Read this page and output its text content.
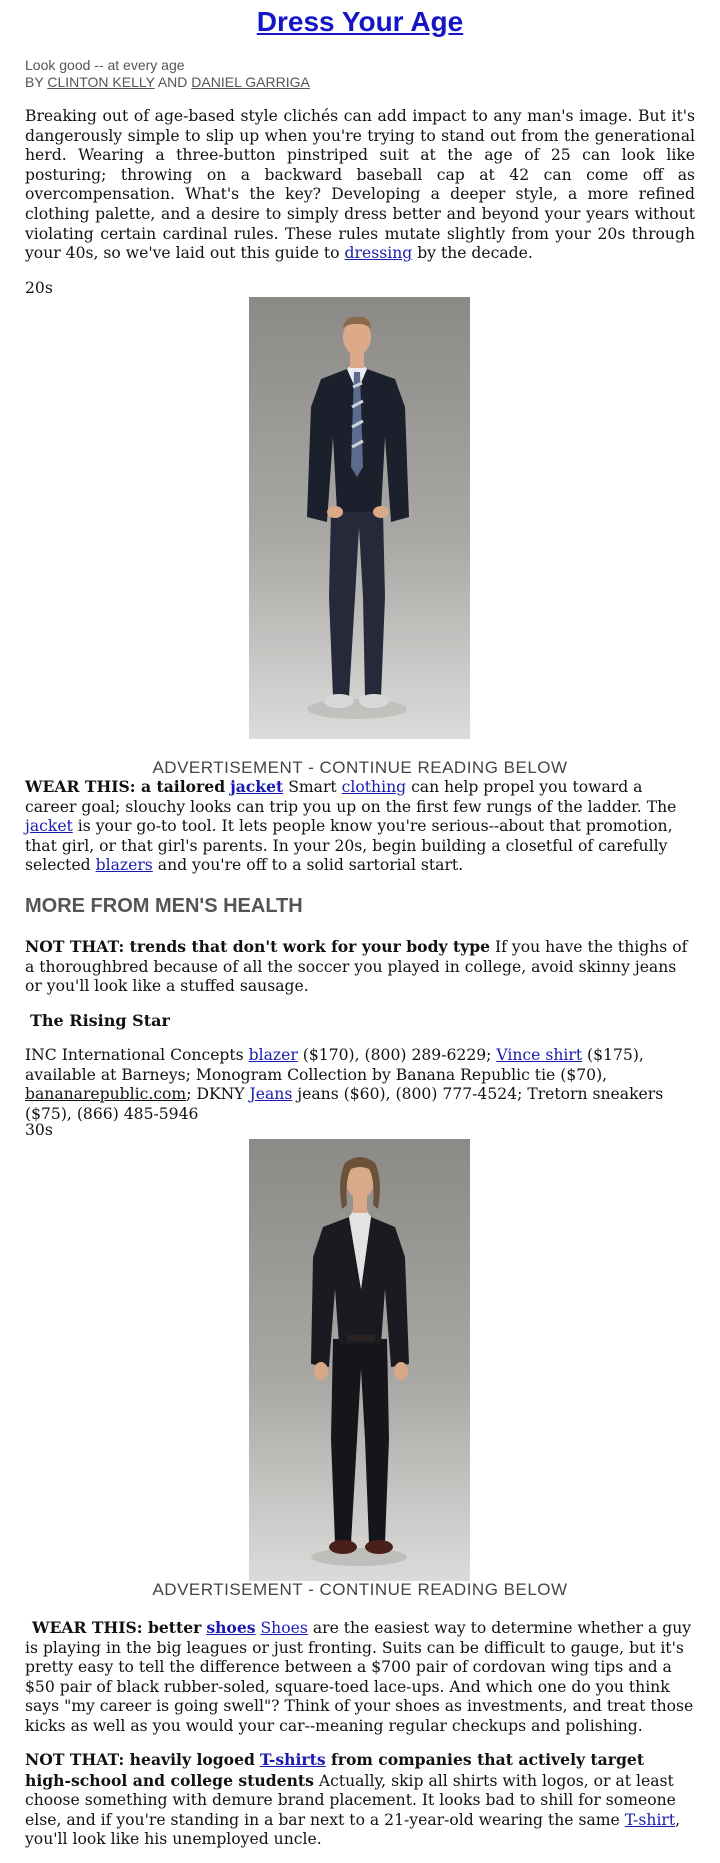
Dress Your Age
Look good -- at every age
BY CLINTON KELLY AND DANIEL GARRIGA

Breaking out of age-based style clichés can add impact to any man's image. But it's dangerously simple to slip up when you're trying to stand out from the generational herd. Wearing a three-button pinstriped suit at the age of 25 can look like posturing; throwing on a backward baseball cap at 42 can come off as overcompensation. What's the key? Developing a deeper style, a more refined clothing palette, and a desire to simply dress better and beyond your years without violating certain cardinal rules. These rules mutate slightly from your 20s through your 40s, so we've laid out this guide to dressing by the decade.

20s
ADVERTISEMENT - CONTINUE READING BELOW

WEAR THIS: a tailored jacket Smart clothing can help propel you toward a career goal; slouchy looks can trip you up on the first few rungs of the ladder. The jacket is your go-to tool. It lets people know you're serious--about that promotion, that girl, or that girl's parents. In your 20s, begin building a closetful of carefully selected blazers and you're off to a solid sartorial start.

MORE FROM MEN'S HEALTH

NOT THAT: trends that don't work for your body type If you have the thighs of a thoroughbred because of all the soccer you played in college, avoid skinny jeans or you'll look like a stuffed sausage.

The Rising Star

INC International Concepts blazer ($170), (800) 289-6229; Vince shirt ($175), available at Barneys; Monogram Collection by Banana Republic tie ($70), bananarepublic.com; DKNY Jeans jeans ($60), (800) 777-4524; Tretorn sneakers ($75), (866) 485-5946

30s
ADVERTISEMENT - CONTINUE READING BELOW

WEAR THIS: better shoes Shoes are the easiest way to determine whether a guy is playing in the big leagues or just fronting. Suits can be difficult to gauge, but it's pretty easy to tell the difference between a $700 pair of cordovan wing tips and a $50 pair of black rubber-soled, square-toed lace-ups. And which one do you think says "my career is going swell"? Think of your shoes as investments, and treat those kicks as well as you would your car--meaning regular checkups and polishing.

NOT THAT: heavily logoed T-shirts from companies that actively target high-school and college students Actually, skip all shirts with logos, or at least choose something with demure brand placement. It looks bad to shill for someone else, and if you're standing in a bar next to a 21-year-old wearing the same T-shirt, you'll look like his unemployed uncle.
